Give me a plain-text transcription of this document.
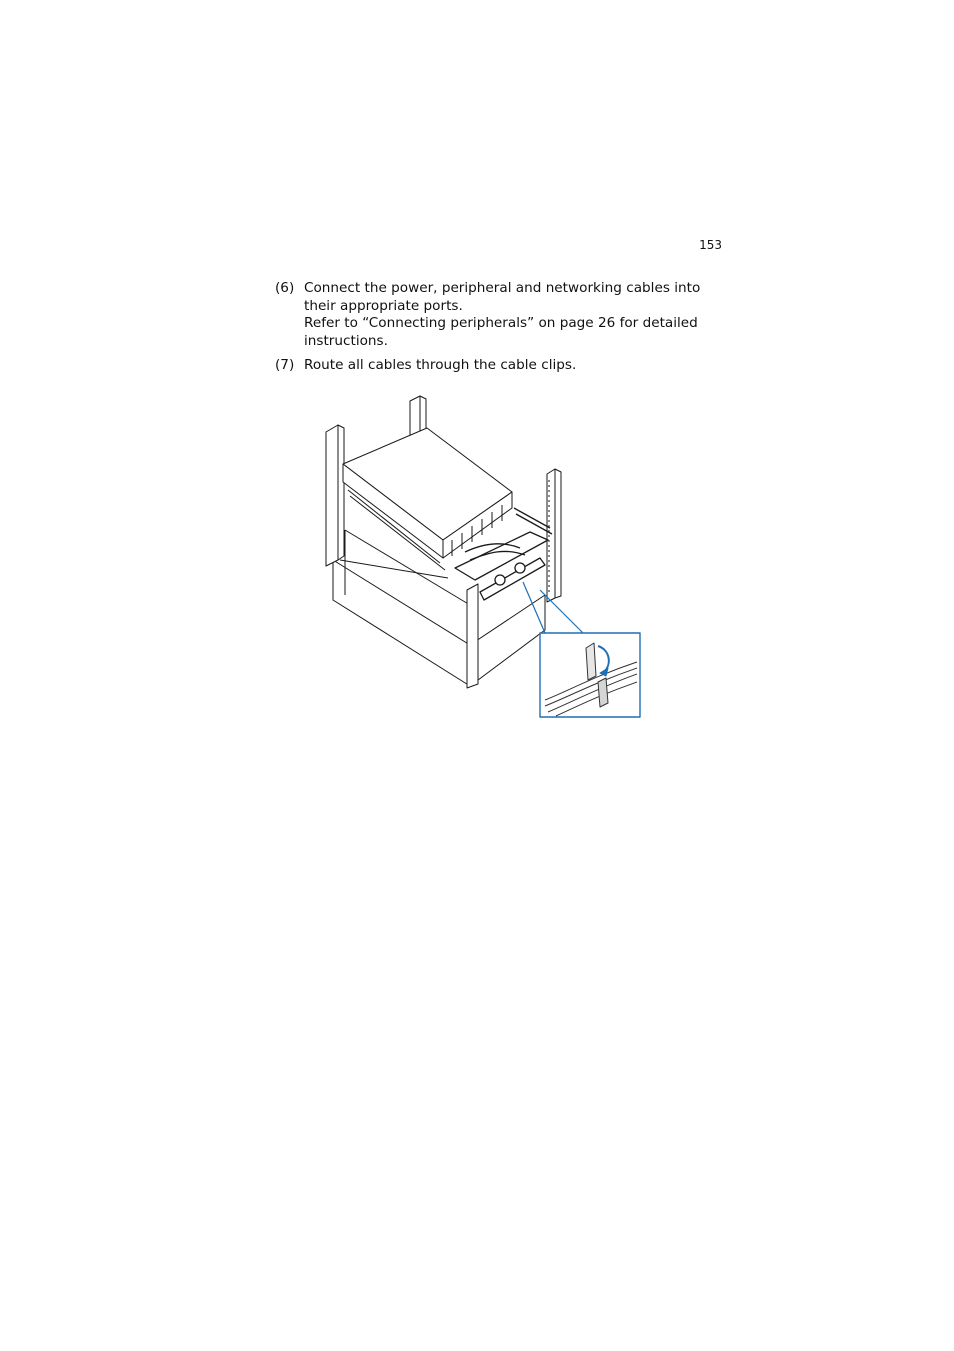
153
(6) Connect the power, peripheral and networking cables into
their appropriate ports.
Refer to “Connecting peripherals” on page 26 for detailed
instructions.
(7) Route all cables through the cable clips.
